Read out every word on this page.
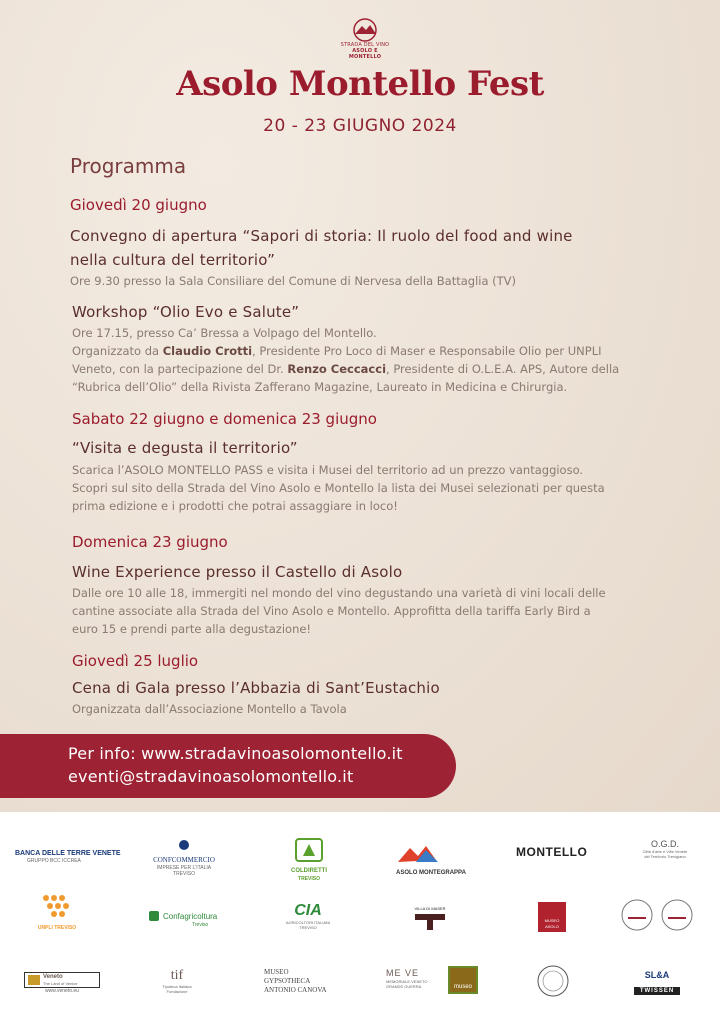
STRADA DEL VINO
ASOLO E MONTELLO
Asolo Montello Fest
20 - 23 GIUGNO 2024
Programma
Giovedì 20 giugno
Convegno di apertura “Sapori di storia: Il ruolo del food and wine
nella cultura del territorio”
Ore 9.30 presso la Sala Consiliare del Comune di Nervesa della Battaglia (TV)
Workshop “Olio Evo e Salute”
Ore 17.15, presso Ca’ Bressa a Volpago del Montello.
Organizzato da Claudio Crotti, Presidente Pro Loco di Maser e Responsabile Olio per UNPLI
Veneto, con la partecipazione del Dr. Renzo Ceccacci, Presidente di O.L.E.A. APS, Autore della
“Rubrica dell’Olio” della Rivista Zafferano Magazine, Laureato in Medicina e Chirurgia.
Sabato 22 giugno e domenica 23 giugno
“Visita e degusta il territorio”
Scarica l’ASOLO MONTELLO PASS e visita i Musei del territorio ad un prezzo vantaggioso.
Scopri sul sito della Strada del Vino Asolo e Montello la lista dei Musei selezionati per questa
prima edizione e i prodotti che potrai assaggiare in loco!
Domenica 23 giugno
Wine Experience presso il Castello di Asolo
Dalle ore 10 alle 18, immergiti nel mondo del vino degustando una varietà di vini locali delle
cantine associate alla Strada del Vino Asolo e Montello. Approfitta della tariffa Early Bird a
euro 15 e prendi parte alla degustazione!
Giovedì 25 luglio
Cena di Gala presso l’Abbazia di Sant’Eustachio
Organizzata dall’Associazione Montello a Tavola
Per info: www.stradavinoasolomontello.it
eventi@stradavinoasolomontello.it
BANCA DELLE TERRE VENETE
GRUPPO BCC ICCREA	CONFCOMMERCIO
IMPRESE PER L'ITALIA
TREVISO	COLDIRETTI
TREVISO
ASOLO MONTEGRAPPA
MONTELLO
O.G.D.
Città d'arte e Ville Venete del Territorio Trevigiano
UNPLI TREVISO
Confagricoltura
Treviso
CIA
AGRICOLTORI ITALIANI TREVISO
VILLA DI MASER
MUSEO ASOLO
Veneto
The Land of Venice
www.veneto.eu
tif
Tipoteca Italiana Fondazione
MUSEO
GYPSOTHECA
ANTONIO CANOVA
ME VE
MEMORIALE VENETO GRANDE GUERRA	museo
SL&A
TWISSEN
